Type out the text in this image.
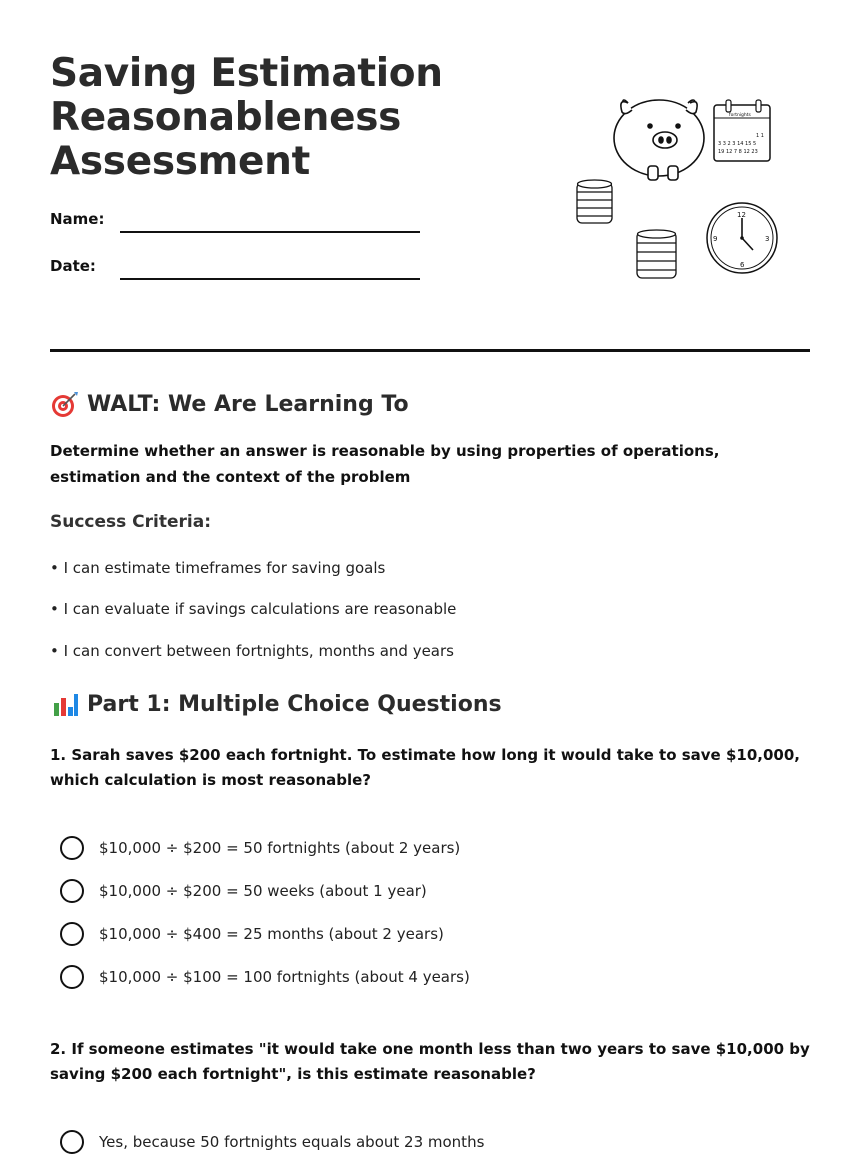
Saving Estimation
Reasonableness
Assessment
Name:
Date:
fortnights
1 1
3 3 2 3 14 15 5
19 12 7 8 12 23
12
3
6
9
WALT: We Are Learning To

Determine whether an answer is reasonable by using properties of operations, estimation and the context of the problem

Success Criteria:
• I can estimate timeframes for saving goals
• I can evaluate if savings calculations are reasonable
• I can convert between fortnights, months and years
Part 1: Multiple Choice Questions

1. Sarah saves $200 each fortnight. To estimate how long it would take to save $10,000, which calculation is most reasonable?

$10,000 ÷ $200 = 50 fortnights (about 2 years)
$10,000 ÷ $200 = 50 weeks (about 1 year)
$10,000 ÷ $400 = 25 months (about 2 years)
$10,000 ÷ $100 = 100 fortnights (about 4 years)

2. If someone estimates "it would take one month less than two years to save $10,000 by saving $200 each fortnight", is this estimate reasonable?

Yes, because 50 fortnights equals about 23 months
